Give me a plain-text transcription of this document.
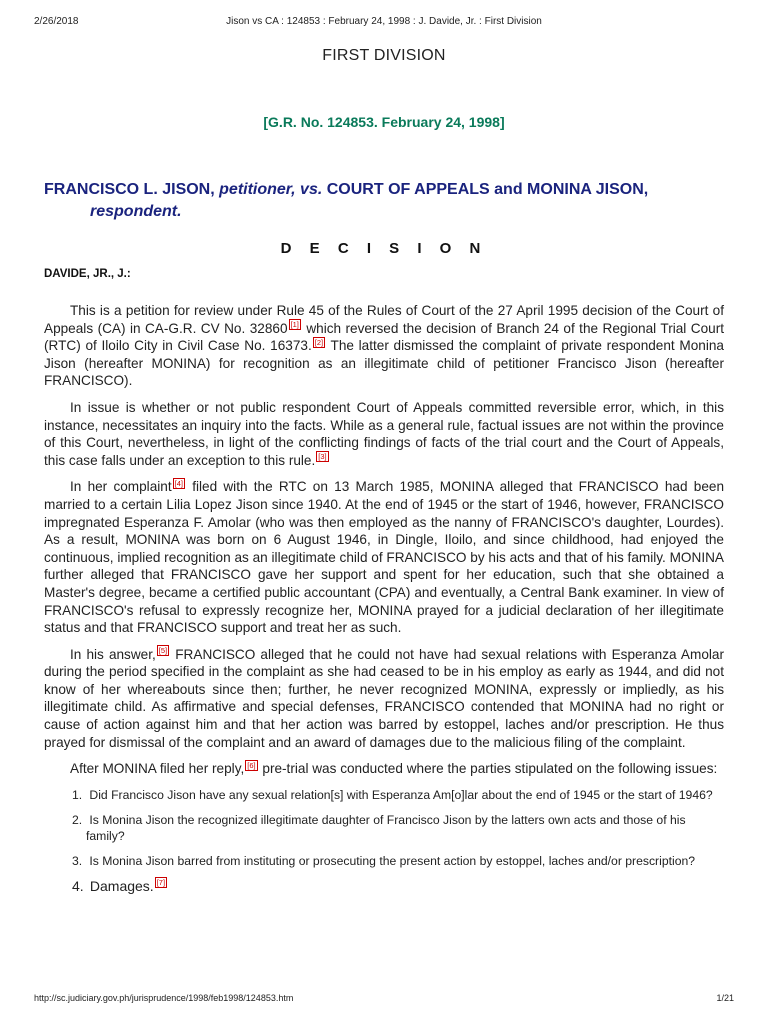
2/26/2018	Jison vs CA : 124853 : February 24, 1998 : J. Davide, Jr. : First Division
FIRST DIVISION
[G.R. No. 124853. February 24, 1998]
FRANCISCO L. JISON, petitioner, vs. COURT OF APPEALS and MONINA JISON,
respondent.
D E C I S I O N
DAVIDE, JR., J.:

This is a petition for review under Rule 45 of the Rules of Court of the 27 April 1995 decision of the Court of Appeals (CA) in CA-G.R. CV No. 32860 [1] which reversed the decision of Branch 24 of the Regional Trial Court (RTC) of Iloilo City in Civil Case No. 16373. [2] The latter dismissed the complaint of private respondent Monina Jison (hereafter MONINA) for recognition as an illegitimate child of petitioner Francisco Jison (hereafter FRANCISCO).

In issue is whether or not public respondent Court of Appeals committed reversible error, which, in this instance, necessitates an inquiry into the facts. While as a general rule, factual issues are not within the province of this Court, nevertheless, in light of the conflicting findings of facts of the trial court and the Court of Appeals, this case falls under an exception to this rule. [3]

In her complaint [4] filed with the RTC on 13 March 1985, MONINA alleged that FRANCISCO had been married to a certain Lilia Lopez Jison since 1940. At the end of 1945 or the start of 1946, however, FRANCISCO impregnated Esperanza F. Amolar (who was then employed as the nanny of FRANCISCO's daughter, Lourdes). As a result, MONINA was born on 6 August 1946, in Dingle, Iloilo, and since childhood, had enjoyed the continuous, implied recognition as an illegitimate child of FRANCISCO by his acts and that of his family. MONINA further alleged that FRANCISCO gave her support and spent for her education, such that she obtained a Master's degree, became a certified public accountant (CPA) and eventually, a Central Bank examiner. In view of FRANCISCO's refusal to expressly recognize her, MONINA prayed for a judicial declaration of her illegitimate status and that FRANCISCO support and treat her as such.

In his answer, [5] FRANCISCO alleged that he could not have had sexual relations with Esperanza Amolar during the period specified in the complaint as she had ceased to be in his employ as early as 1944, and did not know of her whereabouts since then; further, he never recognized MONINA, expressly or impliedly, as his illegitimate child. As affirmative and special defenses, FRANCISCO contended that MONINA had no right or cause of action against him and that her action was barred by estoppel, laches and/or prescription. He thus prayed for dismissal of the complaint and an award of damages due to the malicious filing of the complaint.

After MONINA filed her reply, [6] pre-trial was conducted where the parties stipulated on the following issues:

1. Did Francisco Jison have any sexual relation[s] with Esperanza Am[o]lar about the end of 1945 or the start of 1946?
2. Is Monina Jison the recognized illegitimate daughter of Francisco Jison by the latters own acts and those of his family?
3. Is Monina Jison barred from instituting or prosecuting the present action by estoppel, laches and/or prescription?
4. Damages. [7]
http://sc.judiciary.gov.ph/jurisprudence/1998/feb1998/124853.htm	1/21
